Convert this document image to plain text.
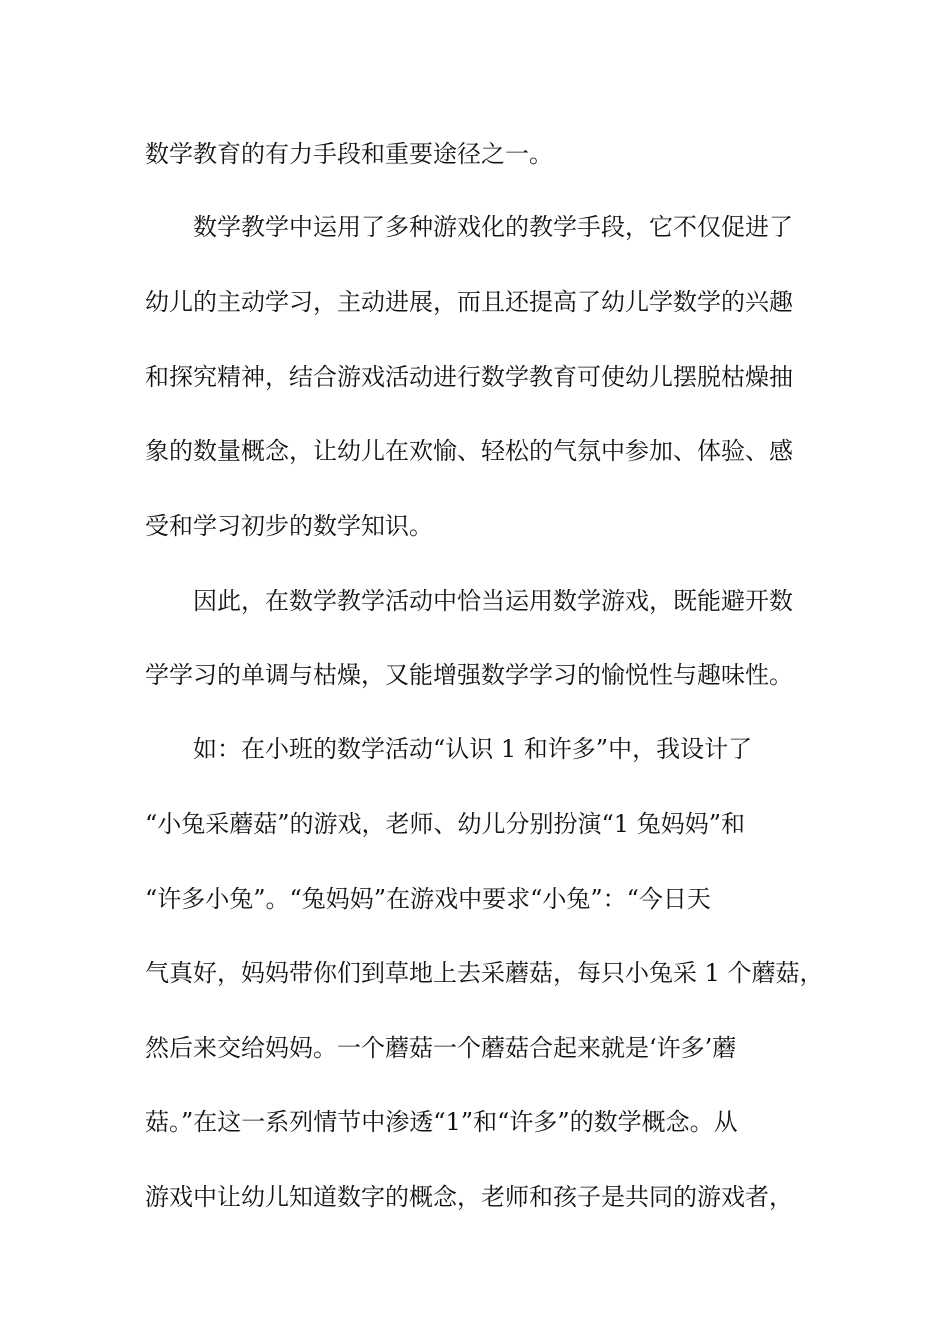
数学教育的有力手段和重要途径之一。
数学教学中运用了多种游戏化的教学手段，它不仅促进了
幼儿的主动学习，主动进展，而且还提高了幼儿学数学的兴趣
和探究精神，结合游戏活动进行数学教育可使幼儿摆脱枯燥抽
象的数量概念，让幼儿在欢愉、轻松的气氛中参加、体验、感
受和学习初步的数学知识。
因此，在数学教学活动中恰当运用数学游戏，既能避开数
学学习的单调与枯燥，又能增强数学学习的愉悦性与趣味性。
如：在小班的数学活动“认识 1 和许多”中，我设计了
“小兔采蘑菇”的游戏，老师、幼儿分别扮演“1 兔妈妈”和
“许多小兔”。“兔妈妈”在游戏中要求“小兔”：“今日天
气真好，妈妈带你们到草地上去采蘑菇，每只小兔采 1 个蘑菇，
然后来交给妈妈。一个蘑菇一个蘑菇合起来就是‘许多’蘑
菇。”在这一系列情节中渗透“1”和“许多”的数学概念。从
游戏中让幼儿知道数字的概念，老师和孩子是共同的游戏者，
